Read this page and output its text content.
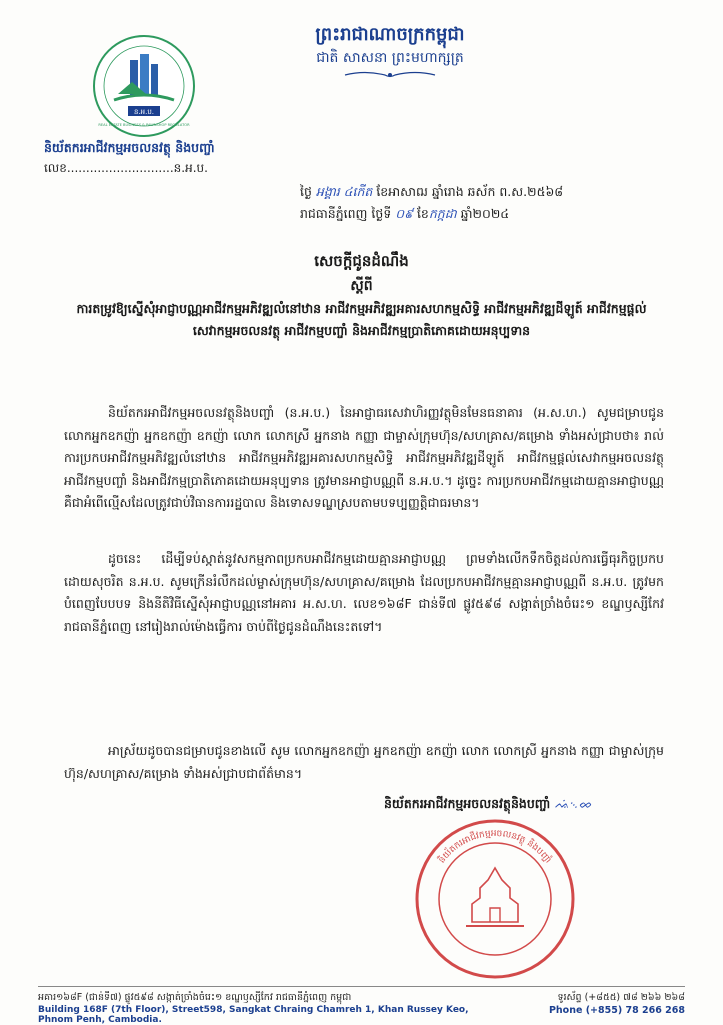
ព្រះរាជាណាចក្រកម្ពុជា
ជាតិ សាសនា ព្រះមហាក្សត្រ
ន.អ.ប.
REAL ESTATE BUSINESS & PAWNSHOP REGULATOR
និយ័តករអាជីវកម្មអចលនវត្ថុ និងបញ្ចាំ
លេខ............................ន.អ.ប.
ថ្ងៃ អង្គារ ៤កើត ខែអាសាឍ ឆ្នាំរោង ឆស័ក ព.ស.២៥៦៨
រាជធានីភ្នំពេញ ថ្ងៃទី ០៩ ខែកក្កដា ឆ្នាំ២០២៤
សេចក្តីជូនដំណឹង
ស្តីពី
ការតម្រូវឱ្យស្នើសុំអាជ្ញាបណ្ណអាជីវកម្មអភិវឌ្ឍលំនៅឋាន អាជីវកម្មអភិវឌ្ឍអគារសហកម្មសិទ្ធិ អាជីវកម្មអភិវឌ្ឍដីឡូត៍ អាជីវកម្មផ្តល់សេវាកម្មអចលនវត្ថុ អាជីវកម្មបញ្ចាំ និងអាជីវកម្មប្រាតិភោគដោយអនុប្បទាន
និយ័តករអាជីវកម្មអចលនវត្ថុនិងបញ្ចាំ (ន.អ.ប.) នៃអាជ្ញាធរសេវាហិរញ្ញវត្ថុមិនមែនធនាគារ (អ.ស.ហ.) សូមជម្រាបជូន លោកអ្នកឧកញ៉ា អ្នកឧកញ៉ា ឧកញ៉ា លោក លោកស្រី អ្នកនាង កញ្ញា ជាម្ចាស់ក្រុមហ៊ុន/សហគ្រាស/គម្រោង ទាំងអស់ជ្រាបថា៖ រាល់ការប្រកបអាជីវកម្មអភិវឌ្ឍលំនៅឋាន អាជីវកម្មអភិវឌ្ឍអគារសហកម្មសិទ្ធិ អាជីវកម្មអភិវឌ្ឍដីឡូត៍ អាជីវកម្មផ្តល់សេវាកម្មអចលនវត្ថុ អាជីវកម្មបញ្ចាំ និងអាជីវកម្មប្រាតិភោគដោយអនុប្បទាន ត្រូវមានអាជ្ញាបណ្ណពី ន.អ.ប.។ ដូច្នេះ ការប្រកបអាជីវកម្មដោយគ្មានអាជ្ញាបណ្ណគឺជាអំពើល្មើសដែលត្រូវជាប់វិធានការរដ្ឋបាល និងទោសទណ្ឌស្របតាមបទប្បញ្ញត្តិជាធរមាន។
ដូចនេះ ដើម្បីទប់ស្កាត់នូវសកម្មភាពប្រកបអាជីវកម្មដោយគ្មានអាជ្ញាបណ្ណ ព្រមទាំងលើកទឹកចិត្តដល់ការធ្វើធុរកិច្ចប្រកបដោយសុចរិត ន.អ.ប. សូមក្រើនរំលឹកដល់ម្ចាស់ក្រុមហ៊ុន/សហគ្រាស/គម្រោង ដែលប្រកបអាជីវកម្មគ្មានអាជ្ញាបណ្ណពី ន.អ.ប. ត្រូវមកបំពេញបែបបទ និងនីតិវិធីស្នើសុំអាជ្ញាបណ្ណនៅអគារ អ.ស.ហ. លេខ១៦៨F ជាន់ទី៧ ផ្លូវ៥៩៨ សង្កាត់ច្រាំងចំរេះ១ ខណ្ឌឫស្សីកែវ រាជធានីភ្នំពេញ នៅរៀងរាល់ម៉ោងធ្វើការ ចាប់ពីថ្ងៃជូនដំណឹងនេះតទៅ។
អាស្រ័យដូចបានជម្រាបជូនខាងលើ សូម លោកអ្នកឧកញ៉ា អ្នកឧកញ៉ា ឧកញ៉ា លោក លោកស្រី អ្នកនាង កញ្ញា ជាម្ចាស់ក្រុមហ៊ុន/សហគ្រាស/គម្រោង ទាំងអស់ជ្រាបជាព័ត៌មាន។
និយ័តករអាជីវកម្មអចលនវត្ថុនិងបញ្ចាំ ᨕᨗ᨞ᨖ
និយ័តករអាជីវកម្មអចលនវត្ថុ និងបញ្ចាំ
អគារ១៦៨F (ជាន់ទី៧) ផ្លូវ៥៩៨ សង្កាត់ច្រាំងចំរេះ១ ខណ្ឌឫស្សីកែវ រាជធានីភ្នំពេញ កម្ពុជា
Building 168F (7th Floor), Street598, Sangkat Chraing Chamreh 1, Khan Russey Keo, Phnom Penh, Cambodia.
ទូរស័ព្ទ (+៨៥៥) ៧៨ ២៦៦ ២៦៨
Phone (+855) 78 266 268
